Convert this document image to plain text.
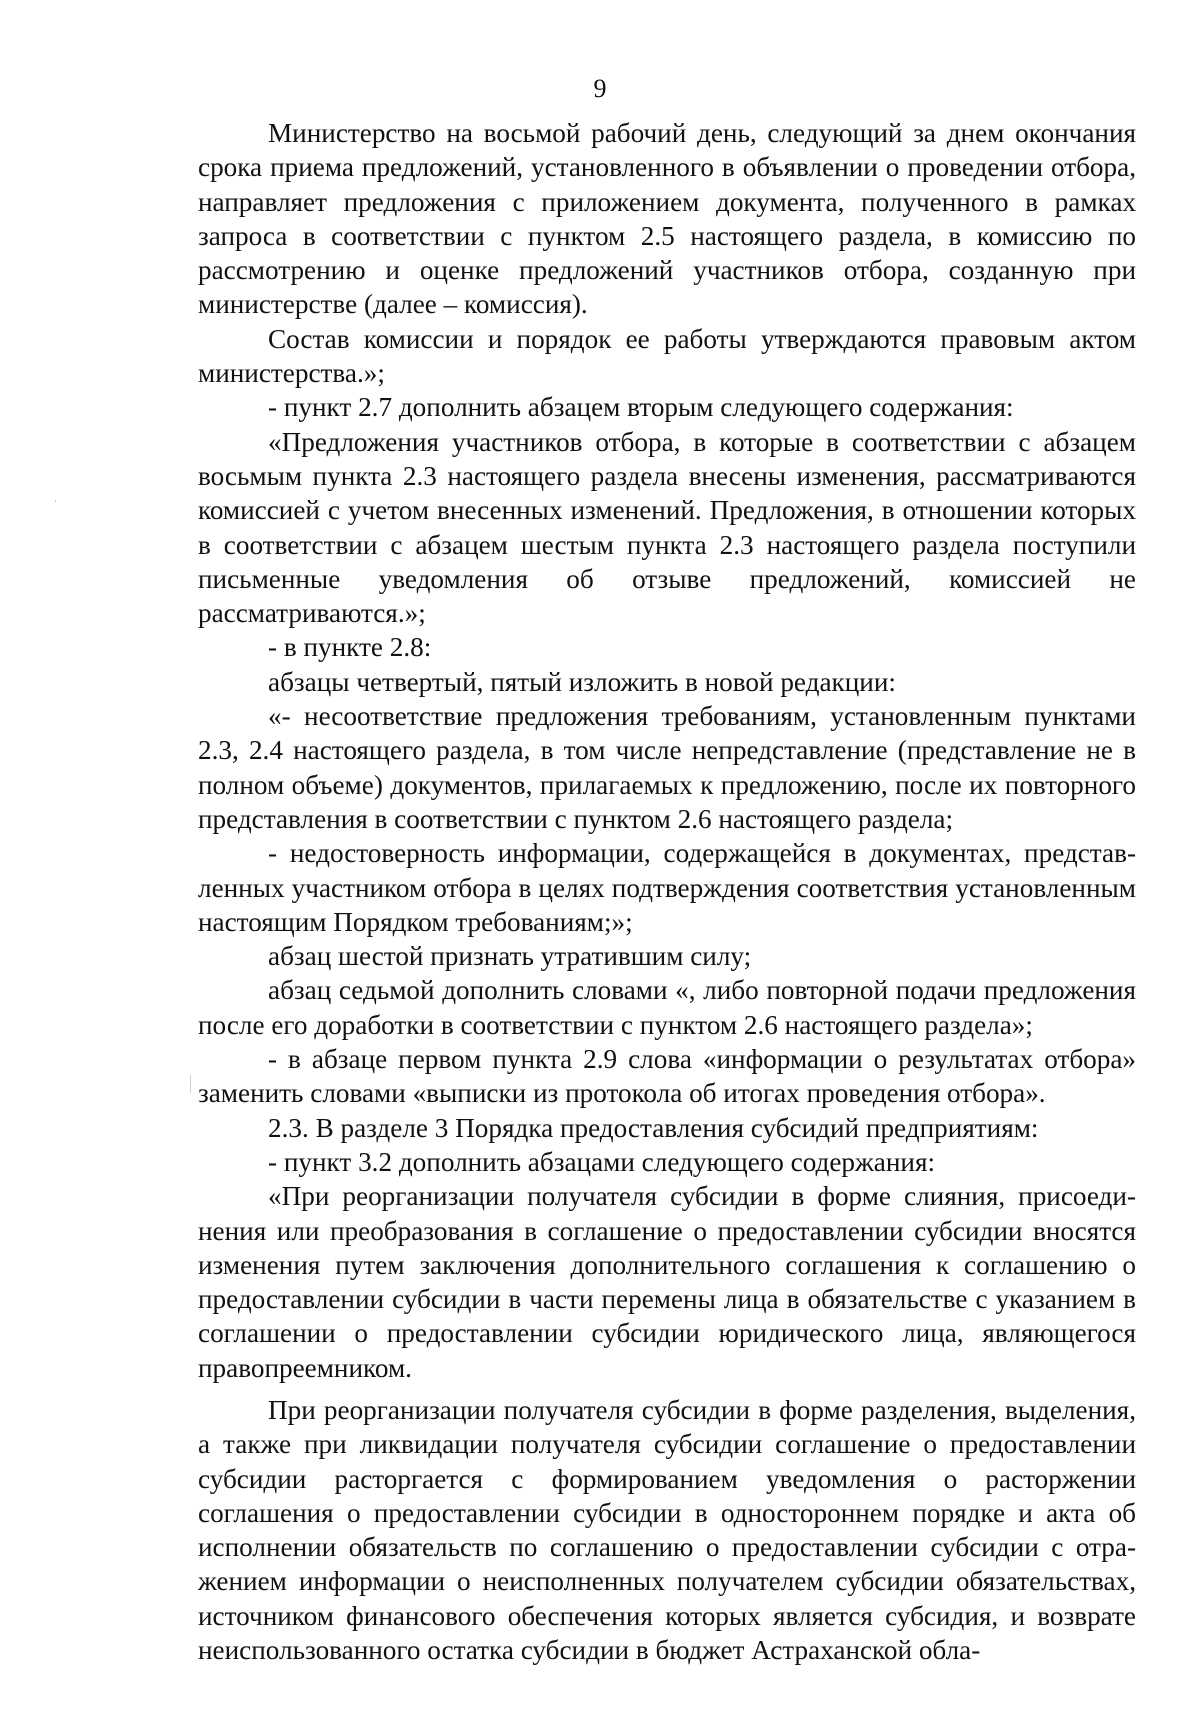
9

Министерство на восьмой рабочий день, следующий за днем окончания срока приема предложений, установленного в объявлении о проведении отбора, направляет предложения с приложением документа, полученного в рамках запроса в соответствии с пунктом 2.5 настоящего раздела, в комиссию по рассмотрению и оценке предложений участников отбора, созданную при министерстве (далее – комиссия).

Состав комиссии и порядок ее работы утверждаются правовым актом министерства.»;

- пункт 2.7 дополнить абзацем вторым следующего содержания:

«Предложения участников отбора, в которые в соответствии с абзацем восьмым пункта 2.3 настоящего раздела внесены изменения, рассматриваются комиссией с учетом внесенных изменений. Предложения, в отношении которых в соответствии с абзацем шестым пункта 2.3 настоящего раздела поступили письменные уведомления об отзыве предложений, комиссией не рассматриваются.»;

- в пункте 2.8:

абзацы четвертый, пятый изложить в новой редакции:

«- несоответствие предложения требованиям, установленным пунктами 2.3, 2.4 настоящего раздела, в том числе непредставление (представление не в полном объеме) документов, прилагаемых к предложению, после их повторного представления в соответствии с пунктом 2.6 настоящего раздела;

- недостоверность информации, содержащейся в документах, представленных участником отбора в целях подтверждения соответствия установленным настоящим Порядком требованиям;»;

абзац шестой признать утратившим силу;

абзац седьмой дополнить словами «, либо повторной подачи предложения после его доработки в соответствии с пунктом 2.6 настоящего раздела»;

- в абзаце первом пункта 2.9 слова «информации о результатах отбора» заменить словами «выписки из протокола об итогах проведения отбора».

2.3. В разделе 3 Порядка предоставления субсидий предприятиям:

- пункт 3.2 дополнить абзацами следующего содержания:

«При реорганизации получателя субсидии в форме слияния, присоединения или преобразования в соглашение о предоставлении субсидии вносятся изменения путем заключения дополнительного соглашения к соглашению о предоставлении субсидии в части перемены лица в обязательстве с указанием в соглашении о предоставлении субсидии юридического лица, являющегося правопреемником.

При реорганизации получателя субсидии в форме разделения, выделения, а также при ликвидации получателя субсидии соглашение о предоставлении субсидии расторгается с формированием уведомления о расторжении соглашения о предоставлении субсидии в одностороннем порядке и акта об исполнении обязательств по соглашению о предоставлении субсидии с отражением информации о неисполненных получателем субсидии обязательствах, источником финансового обеспечения которых является субсидия, и возврате неиспользованного остатка субсидии в бюджет Астраханской обла-
